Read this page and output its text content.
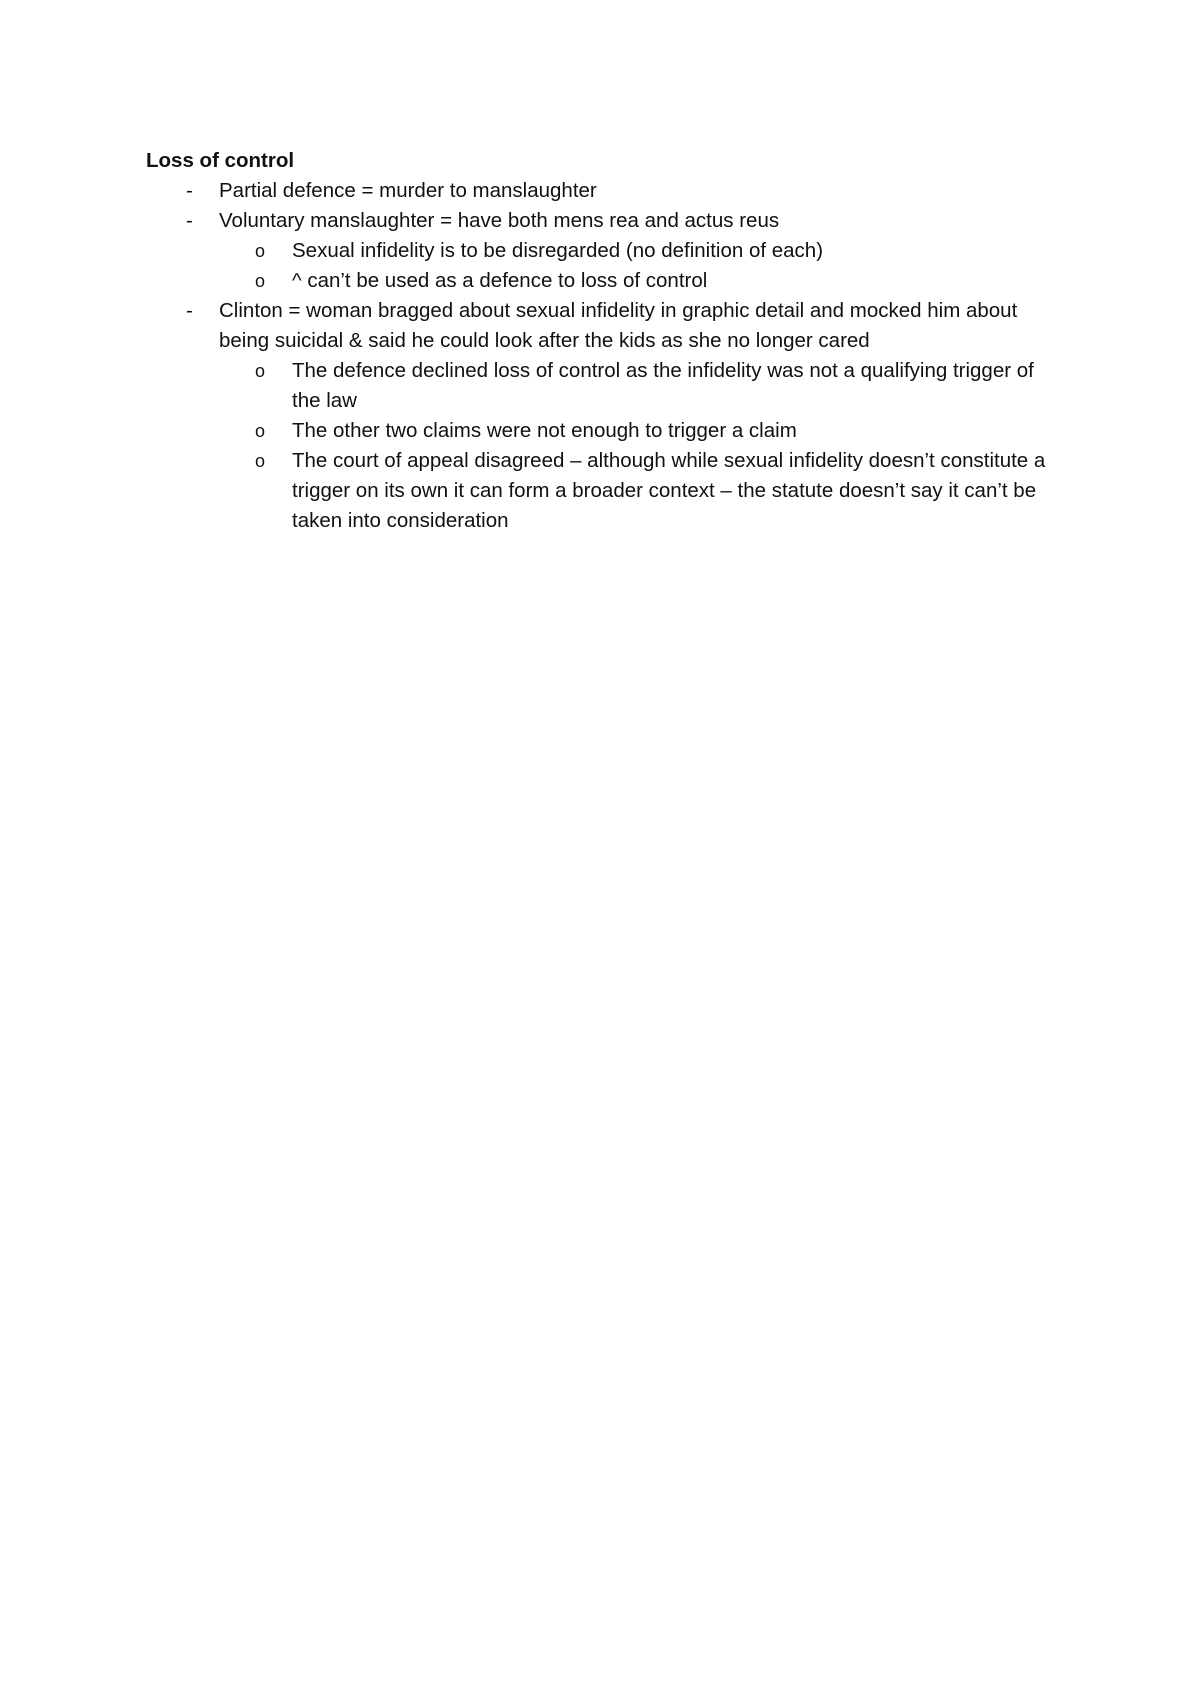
Loss of control
- Partial defence = murder to manslaughter
- Voluntary manslaughter = have both mens rea and actus reus
o Sexual infidelity is to be disregarded (no definition of each)
o ^ can’t be used as a defence to loss of control
- Clinton = woman bragged about sexual infidelity in graphic detail and mocked him about being suicidal & said he could look after the kids as she no longer cared
o The defence declined loss of control as the infidelity was not a qualifying trigger of the law
o The other two claims were not enough to trigger a claim
o The court of appeal disagreed – although while sexual infidelity doesn’t constitute a trigger on its own it can form a broader context – the statute doesn’t say it can’t be taken into consideration
